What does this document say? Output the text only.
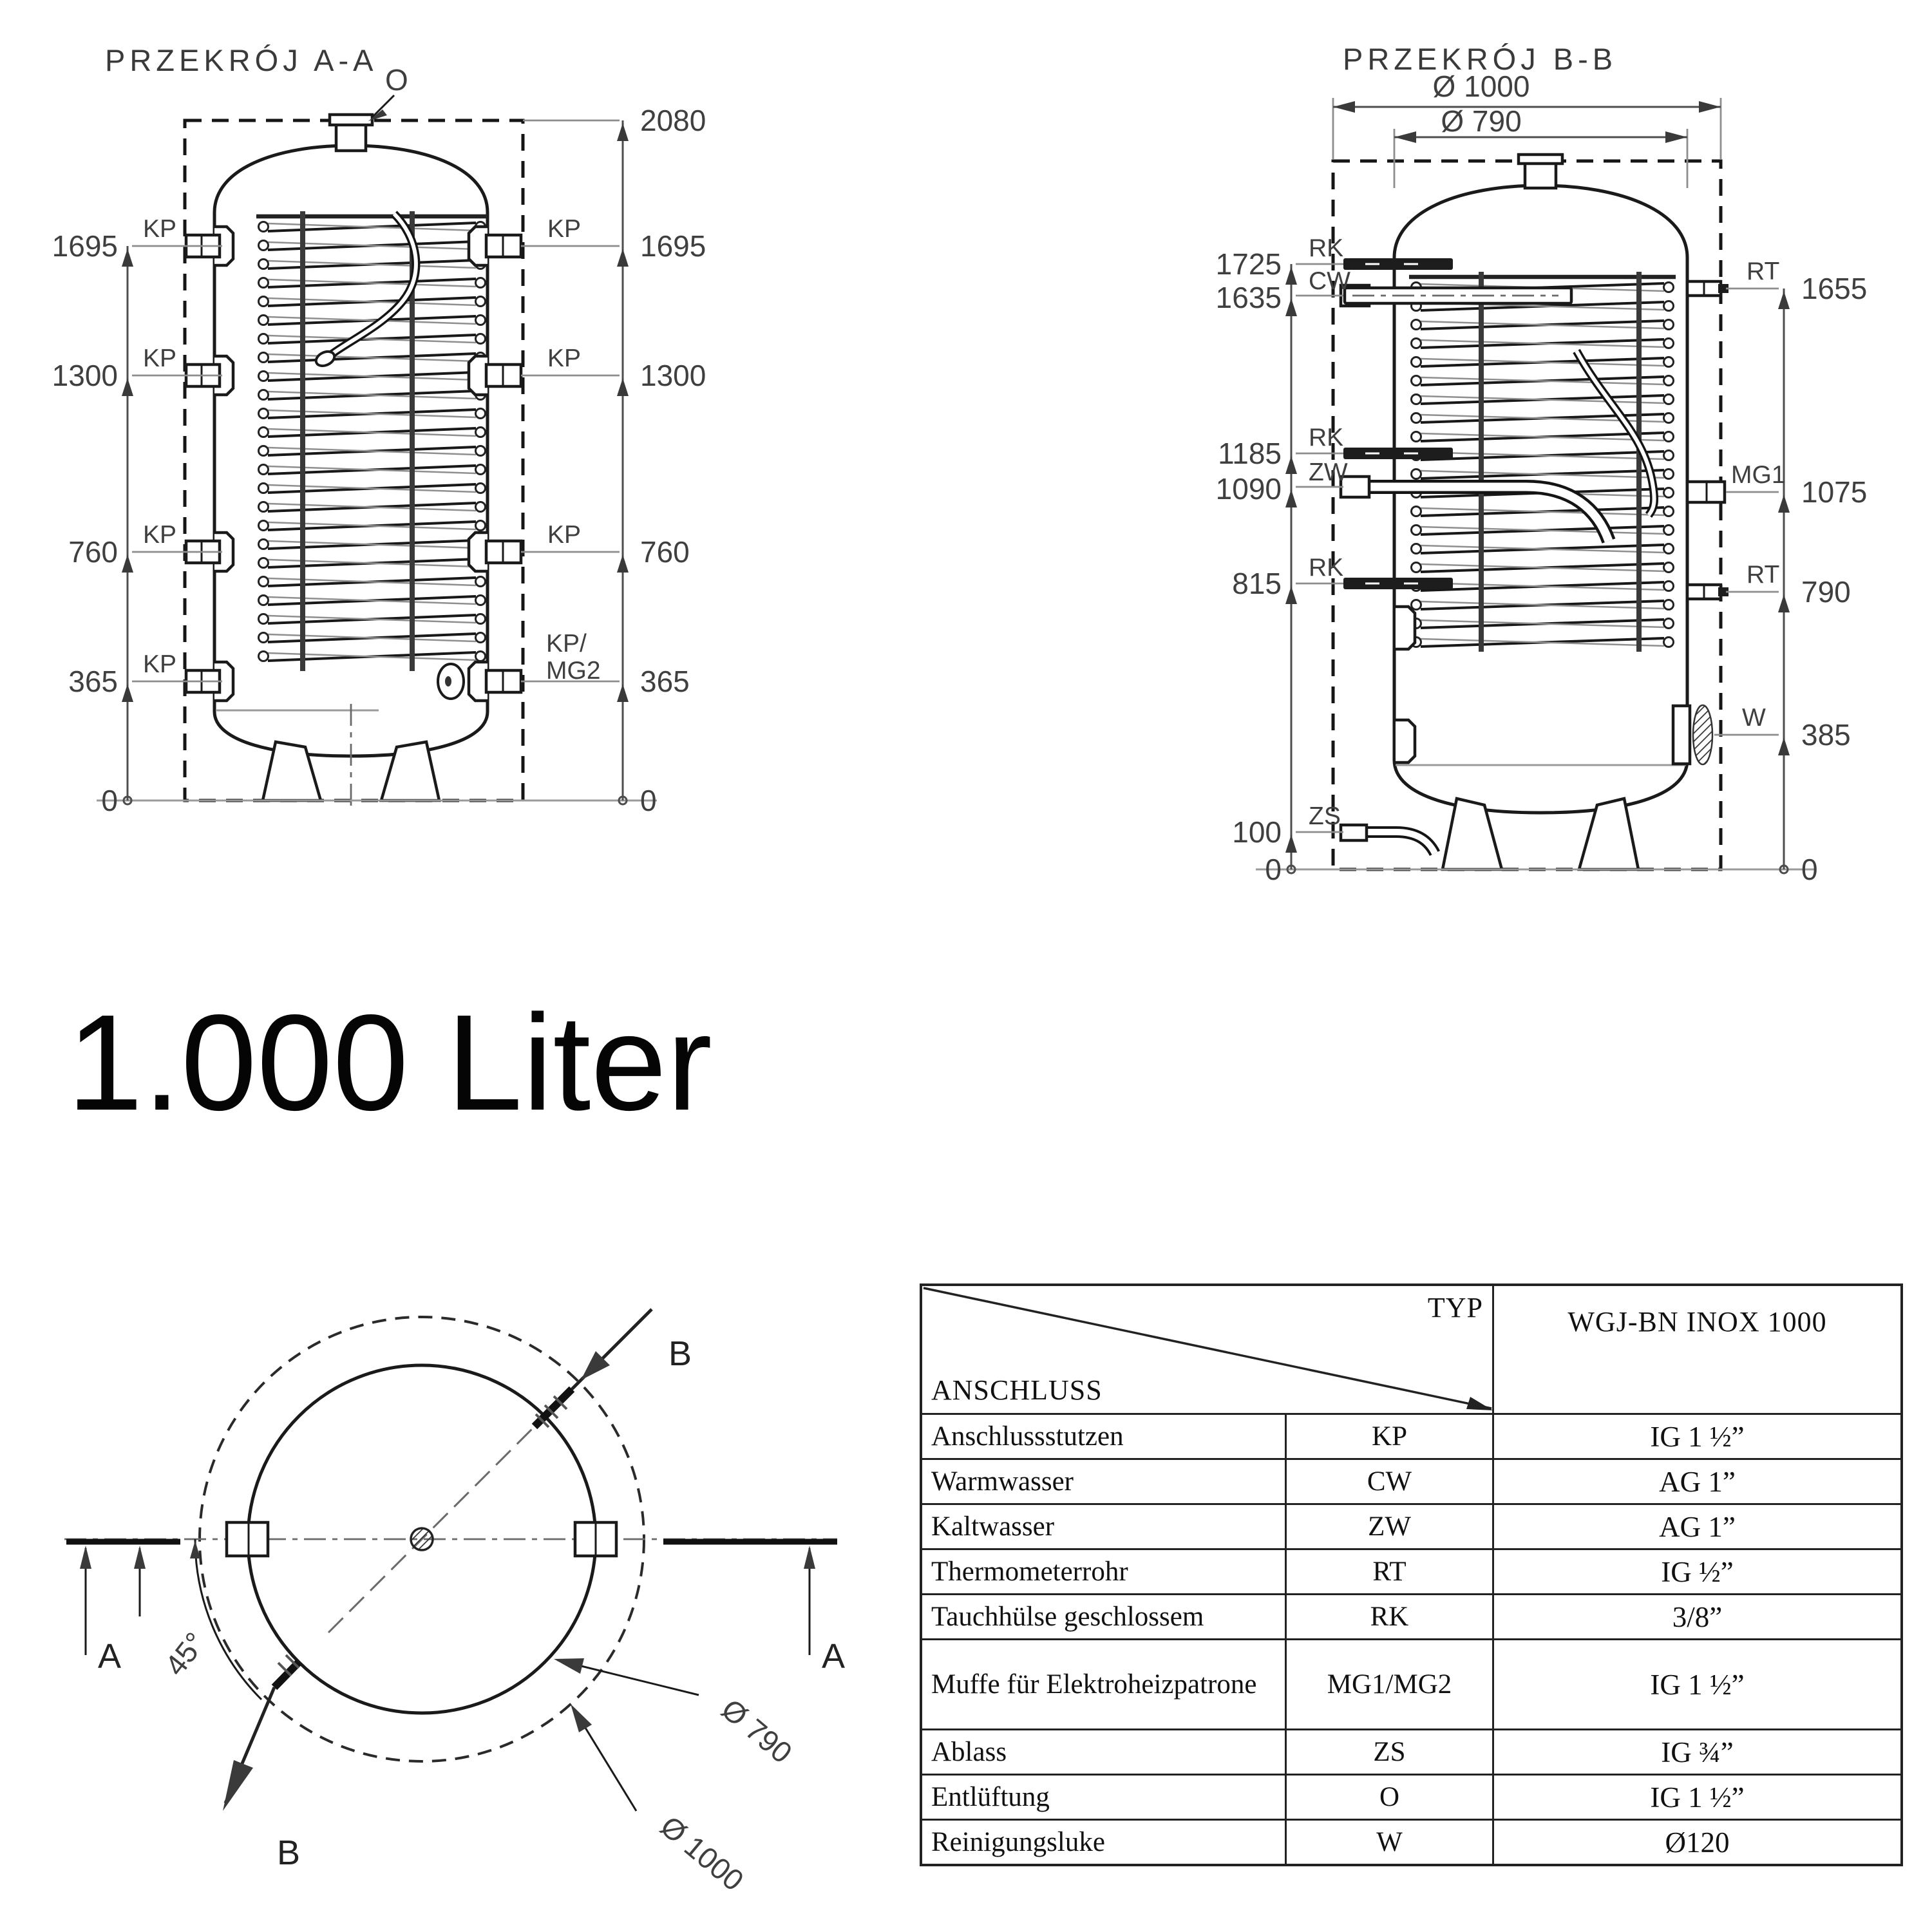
PRZEKRÓJ A-A
O
1695
1300
760
365
0
KP
KP
KP
KP
2080
1695
1300
760
365
0
KP
KP
KP
KP/
MG2
PRZEKRÓJ B-B
Ø 1000
Ø 790
1725
1635
1185
1090
815
100
0
RK
CW
RK
ZW
RK
ZS
1655
1075
790
385
0
RT
MG1
RT
W
A	A
45°
B
B
Ø 790
Ø 1000
1.000 Liter
TYP
ANSCHLUSS
WGJ-BN INOX 1000
Anschlussstutzen	KP	IG 1 ½”
Warmwasser	CW	AG 1”
Kaltwasser	ZW	AG 1”
Thermometerrohr	RT	IG ½”
Tauchhülse geschlossem	RK	3/8”
Muffe für Elektroheizpatrone	MG1/MG2	IG 1 ½”
Ablass	ZS	IG ¾”
Entlüftung	O	IG 1 ½”
Reinigungsluke	W	Ø120
